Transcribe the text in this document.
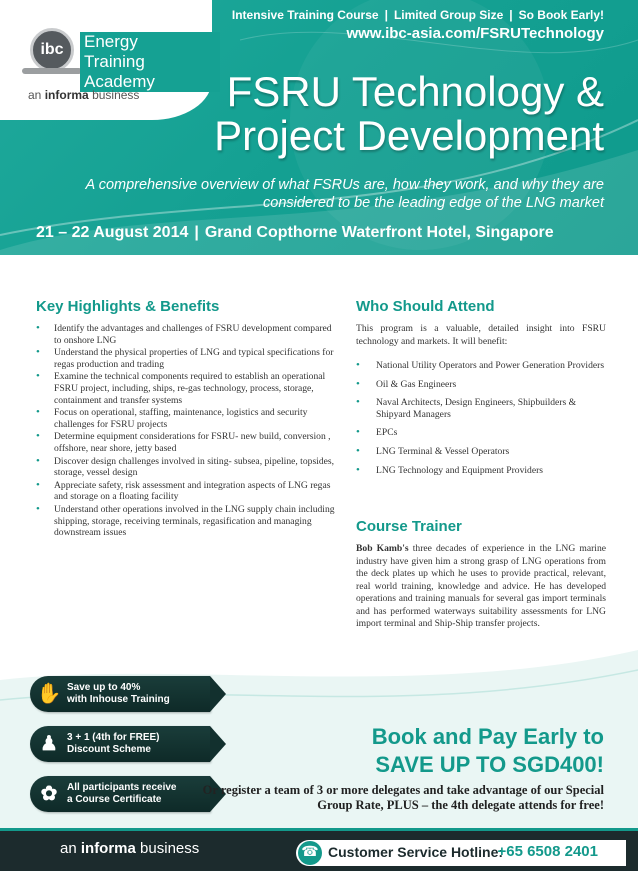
ibc	Energy
Training Academy
an informa business
Intensive Training Course | Limited Group Size | So Book Early!
www.ibc-asia.com/FSRUTechnology
FSRU Technology &
Project Development
A comprehensive overview of what FSRUs are, how they work, and why they are
considered to be the leading edge of the LNG market
21 – 22 August 2014 | Grand Copthorne Waterfront Hotel, Singapore
Key Highlights & Benefits
• Identify the advantages and challenges of FSRU development compared to onshore LNG
• Understand the physical properties of LNG and typical specifications for regas production and trading
• Examine the technical components required to establish an operational FSRU project, including, ships, re-gas technology, process, storage, containment and transfer systems
• Focus on operational, staffing, maintenance, logistics and security challenges for FSRU projects
• Determine equipment considerations for FSRU- new build, conversion , offshore, near shore, jetty based
• Discover design challenges involved in siting- subsea, pipeline, topsides, storage, vessel design
• Appreciate safety, risk assessment and integration aspects of LNG regas and storage on a floating facility
• Understand other operations involved in the LNG supply chain including shipping, storage, receiving terminals, regasification and managing downstream issues
Who Should Attend

This program is a valuable, detailed insight into FSRU technology and markets. It will benefit:

• National Utility Operators and Power Generation Providers
• Oil & Gas Engineers
• Naval Architects, Design Engineers, Shipbuilders & Shipyard Managers
• EPCs
• LNG Terminal & Vessel Operators
• LNG Technology and Equipment Providers
Course Trainer

Bob Kamb's three decades of experience in the LNG marine industry have given him a strong grasp of LNG operations from the deck plates up which he uses to provide practical, relevant, real world training, knowledge and advice. He has developed operations and training manuals for several gas import terminals and has performed waterways suitability assessments for LNG import terminal and Ship-Ship transfer projects.

✋ Save up to 40%
with Inhouse Training
♟ 3 + 1 (4th for FREE)
Discount Scheme
✿ All participants receive
a Course Certificate
Book and Pay Early to
SAVE UP TO SGD400!
Or register a team of 3 or more delegates and take advantage of our Special Group Rate, PLUS – the 4th delegate attends for free!
an informa business	☎ Customer Service Hotline:
+65 6508 2401
